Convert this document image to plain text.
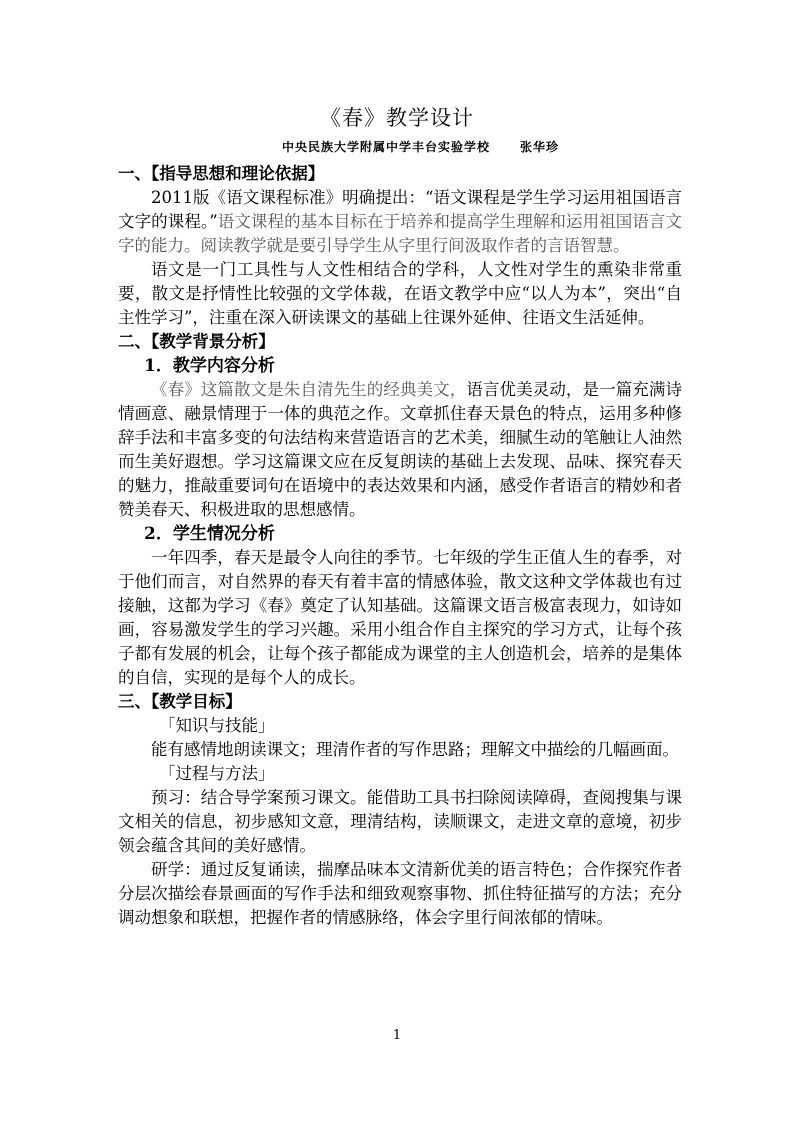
《春》教学设计
中央民族大学附属中学丰台实验学校	张华珍

一、【指导思想和理论依据】

2011版《语文课程标准》明确提出：“语文课程是学生学习运用祖国语言文字的课程。”语文课程的基本目标在于培养和提高学生理解和运用祖国语言文字的能力。阅读教学就是要引导学生从字里行间汲取作者的言语智慧。

语文是一门工具性与人文性相结合的学科，人文性对学生的熏染非常重要，散文是抒情性比较强的文学体裁，在语文教学中应“以人为本”，突出“自主性学习”，注重在深入研读课文的基础上往课外延伸、往语文生活延伸。

二、【教学背景分析】

1．教学内容分析

《春》这篇散文是朱自清先生的经典美文，语言优美灵动，是一篇充满诗情画意、融景情理于一体的典范之作。文章抓住春天景色的特点，运用多种修辞手法和丰富多变的句法结构来营造语言的艺术美，细腻生动的笔触让人油然而生美好遐想。学习这篇课文应在反复朗读的基础上去发现、品味、探究春天的魅力，推敲重要词句在语境中的表达效果和内涵，感受作者语言的精妙和者赞美春天、积极进取的思想感情。

2．学生情况分析

一年四季，春天是最令人向往的季节。七年级的学生正值人生的春季，对于他们而言，对自然界的春天有着丰富的情感体验，散文这种文学体裁也有过接触，这都为学习《春》奠定了认知基础。这篇课文语言极富表现力，如诗如画，容易激发学生的学习兴趣。采用小组合作自主探究的学习方式，让每个孩子都有发展的机会，让每个孩子都能成为课堂的主人创造机会，培养的是集体的自信，实现的是每个人的成长。

三、【教学目标】

「知识与技能」

能有感情地朗读课文；理清作者的写作思路；理解文中描绘的几幅画面。

「过程与方法」

预习：结合导学案预习课文。能借助工具书扫除阅读障碍，查阅搜集与课文相关的信息，初步感知文意，理清结构，读顺课文，走进文章的意境，初步领会蕴含其间的美好感情。

研学：通过反复诵读，揣摩品味本文清新优美的语言特色；合作探究作者分层次描绘春景画面的写作手法和细致观察事物、抓住特征描写的方法；充分调动想象和联想，把握作者的情感脉络，体会字里行间浓郁的情味。

1
